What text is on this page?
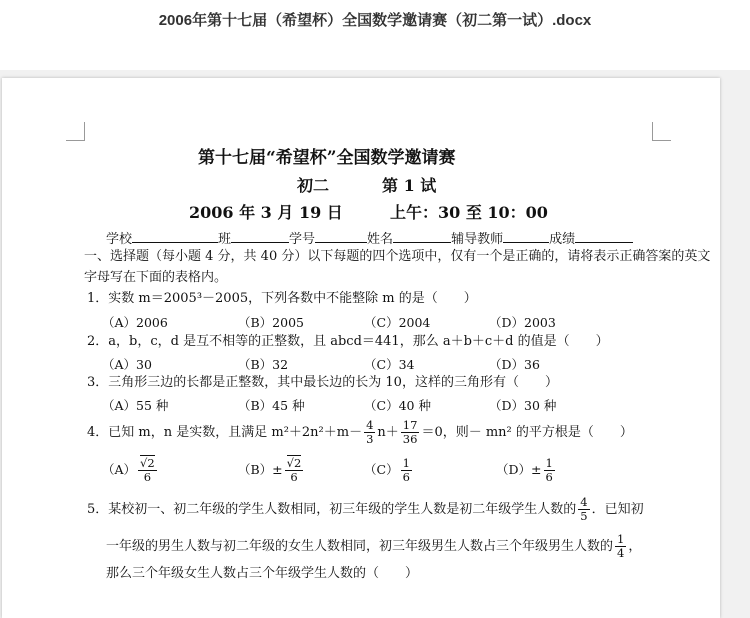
2006年第十七届（希望杯）全国数学邀请赛（初二第一试）.docx
第十七届“希望杯”全国数学邀请赛
初二	第 1 试
2006 年 3 月 19 日	上午：30 至 10：00
学校	班	学号	姓名	辅导教师	成绩
一、选择题（每小题 4 分，共 40 分）以下每题的四个选项中，仅有一个是正确的，请将表示正确答案的英文
字母写在下面的表格内。
1．实数 m＝2005³－2005，下列各数中不能整除 m 的是（　　）
（A）2006	（B）2005	（C）2004	（D）2003
2．a，b，c，d 是互不相等的正整数，且 abcd＝441，那么 a＋b＋c＋d 的值是（　　）
（A）30	（B）32	（C）34	（D）36
3．三角形三边的长都是正整数，其中最长边的长为 10，这样的三角形有（　　）
（A）55 种	（B）45 种	（C）40 种	（D）30 种
4．已知 m，n 是实数，且满足 $m^2+2n^2+m- \frac{4}{3} n+ \frac{17}{36} =0$，则－ mn² 的平方根是（　　）
$(A) \frac{√2}{6}$	$(B)\pm \frac{√2}{6}$	$(C) \frac{1}{6}$	$(D)\pm \frac{1}{6}$
5．某校初一、初二年级的学生人数相同，初三年级的学生人数是初二年级学生人数的 $\frac{4}{5}$ ．已知初
一年级的男生人数与初二年级的女生人数相同，初三年级男生人数占三个年级男生人数的 $\frac{1}{4}$ ，
那么三个年级女生人数占三个年级学生人数的（　　）
